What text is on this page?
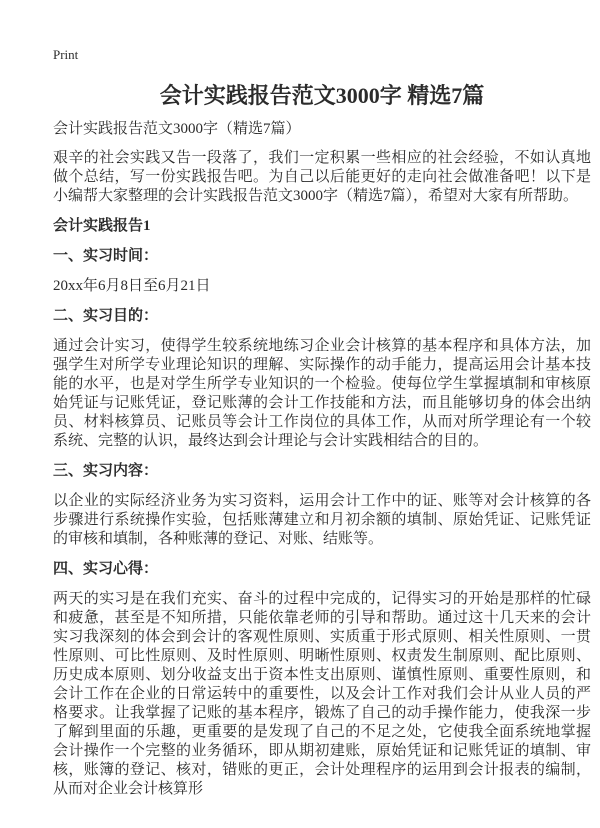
Print
会计实践报告范文3000字 精选7篇

会计实践报告范文3000字（精选7篇）

艰辛的社会实践又告一段落了，我们一定积累一些相应的社会经验，不如认真地做个总结，写一份实践报告吧。为自己以后能更好的走向社会做准备吧！以下是小编帮大家整理的会计实践报告范文3000字（精选7篇），希望对大家有所帮助。

会计实践报告1
一、实习时间：

20xx年6月8日至6月21日

二、实习目的：

通过会计实习，使得学生较系统地练习企业会计核算的基本程序和具体方法，加强学生对所学专业理论知识的理解、实际操作的动手能力，提高运用会计基本技能的水平，也是对学生所学专业知识的一个检验。使每位学生掌握填制和审核原始凭证与记账凭证，登记账薄的会计工作技能和方法，而且能够切身的体会出纳员、材料核算员、记账员等会计工作岗位的具体工作，从而对所学理论有一个较系统、完整的认识，最终达到会计理论与会计实践相结合的目的。

三、实习内容：

以企业的实际经济业务为实习资料，运用会计工作中的证、账等对会计核算的各步骤进行系统操作实验，包括账薄建立和月初余额的填制、原始凭证、记账凭证的审核和填制，各种账薄的登记、对账、结账等。

四、实习心得：

两天的实习是在我们充实、奋斗的过程中完成的，记得实习的开始是那样的忙碌和疲惫，甚至是不知所措，只能依靠老师的引导和帮助。通过这十几天来的会计实习我深刻的体会到会计的客观性原则、实质重于形式原则、相关性原则、一贯性原则、可比性原则、及时性原则、明晰性原则、权责发生制原则、配比原则、历史成本原则、划分收益支出于资本性支出原则、谨慎性原则、重要性原则，和会计工作在企业的日常运转中的重要性，以及会计工作对我们会计从业人员的严格要求。让我掌握了记账的基本程序，锻炼了自己的动手操作能力，使我深一步了解到里面的乐趣，更重要的是发现了自己的不足之处，它使我全面系统地掌握会计操作一个完整的业务循环，即从期初建账，原始凭证和记账凭证的填制、审核，账簿的登记、核对，错账的更正，会计处理程序的运用到会计报表的编制，从而对企业会计核算形
